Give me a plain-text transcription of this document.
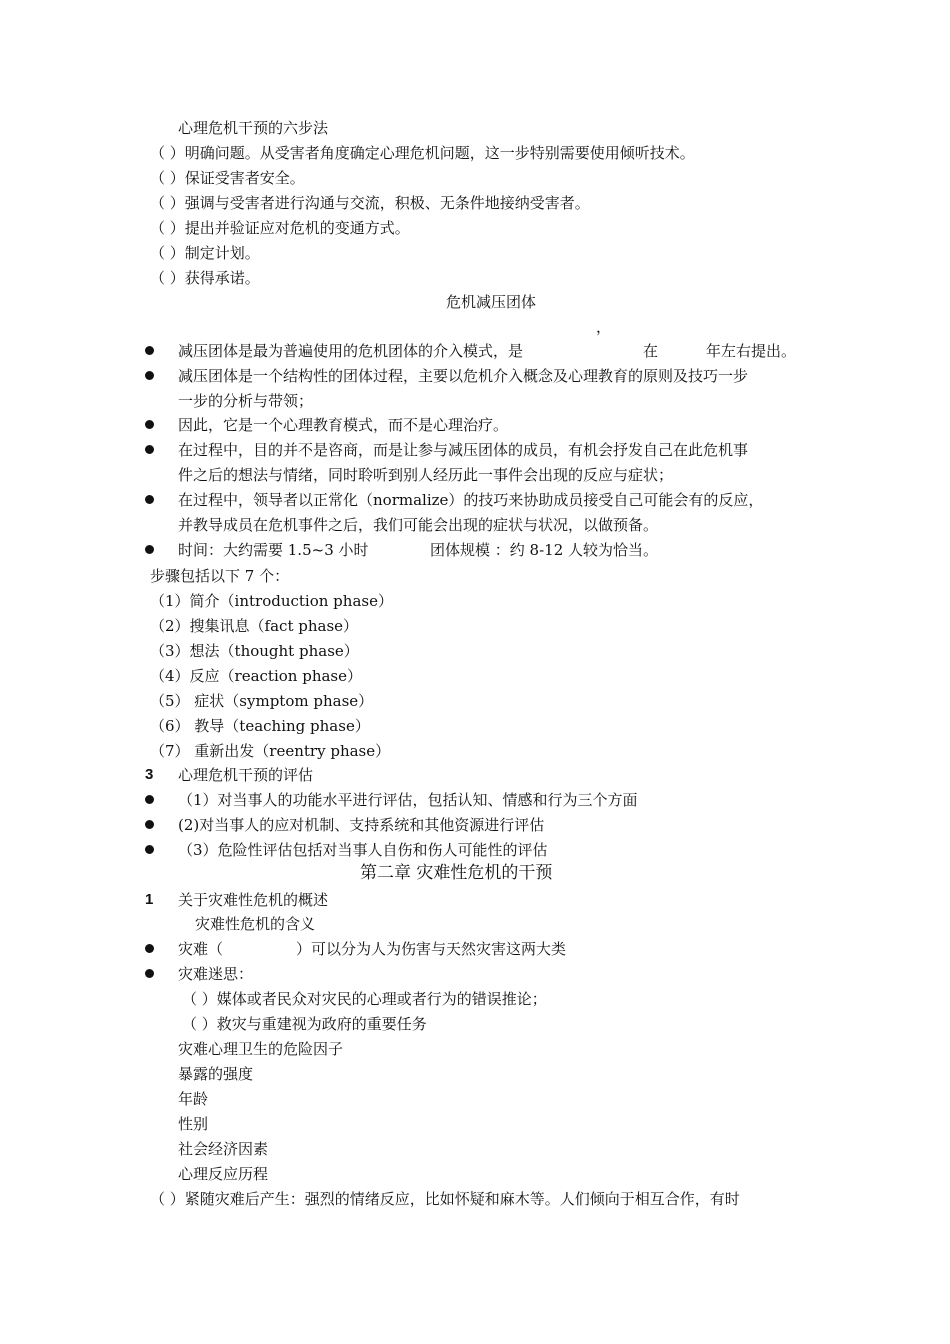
心理危机干预的六步法
（ ）明确问题。从受害者角度确定心理危机问题，这一步特别需要使用倾听技术。
（ ）保证受害者安全。
（ ）强调与受害者进行沟通与交流，积极、无条件地接纳受害者。
（ ）提出并验证应对危机的变通方式。
（ ）制定计划。
（ ）获得承诺。
危机减压团体
，
减压团体是最为普遍使用的危机团体的介入模式，是	在	年左右提出。
减压团体是一个结构性的团体过程，主要以危机介入概念及心理教育的原则及技巧一步
一步的分析与带领；
因此，它是一个心理教育模式，而不是心理治疗。
在过程中，目的并不是咨商，而是让参与减压团体的成员，有机会抒发自己在此危机事
件之后的想法与情绪，同时聆听到别人经历此一事件会出现的反应与症状；
在过程中，领导者以正常化（normalize）的技巧来协助成员接受自己可能会有的反应，
并教导成员在危机事件之后，我们可能会出现的症状与状况，以做预备。
时间：大约需要 1.5~3 小时	团体规模 ：约 8-12 人较为恰当。
步骤包括以下 7 个：
（1）简介（introduction phase）
（2）搜集讯息（fact phase）
（3）想法（thought phase）
（4）反应（reaction phase）
（5） 症状（symptom phase）
（6） 教导（teaching phase）
（7） 重新出发（reentry phase）
3 心理危机干预的评估
（1）对当事人的功能水平进行评估，包括认知、情感和行为三个方面
(2)对当事人的应对机制、支持系统和其他资源进行评估
（3）危险性评估包括对当事人自伤和伤人可能性的评估
第二章 灾难性危机的干预
1 关于灾难性危机的概述
灾难性危机的含义
灾难（	）可以分为人为伤害与天然灾害这两大类
灾难迷思：
（ ）媒体或者民众对灾民的心理或者行为的错误推论；
（ ）救灾与重建视为政府的重要任务
灾难心理卫生的危险因子
暴露的强度
年龄
性别
社会经济因素
心理反应历程
（ ）紧随灾难后产生：强烈的情绪反应，比如怀疑和麻木等。人们倾向于相互合作，有时
